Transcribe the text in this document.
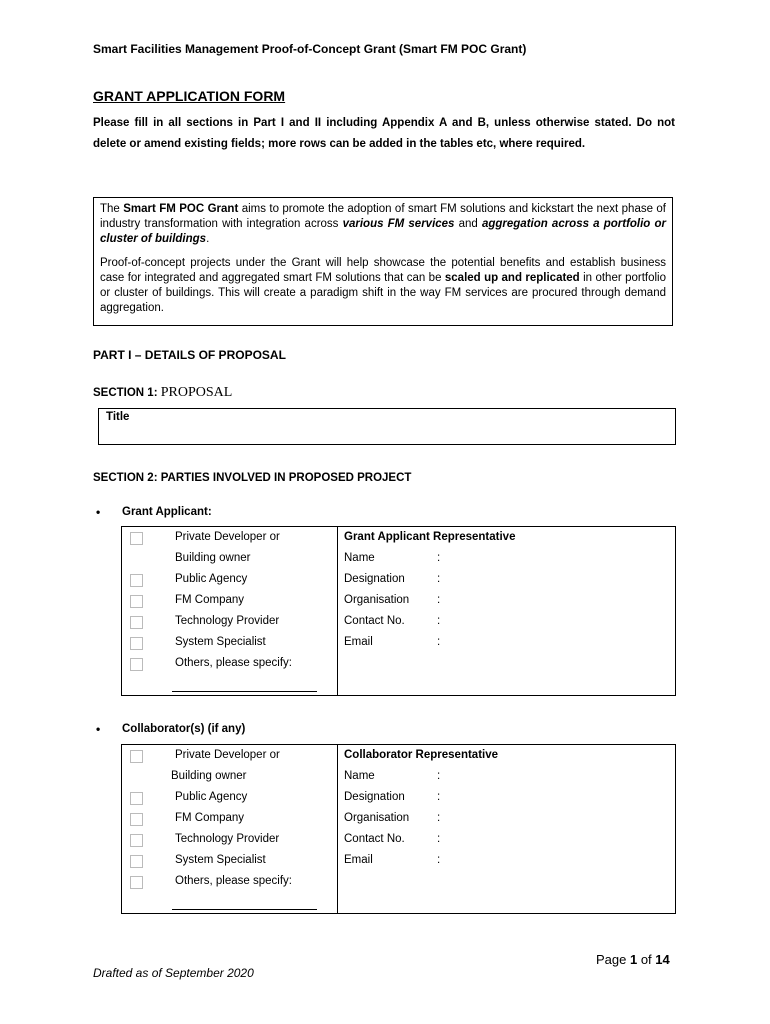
Smart Facilities Management Proof-of-Concept Grant (Smart FM POC Grant)
GRANT APPLICATION FORM
Please fill in all sections in Part I and II including Appendix A and B, unless otherwise stated. Do not delete or amend existing fields; more rows can be added in the tables etc, where required.

The Smart FM POC Grant aims to promote the adoption of smart FM solutions and kickstart the next phase of industry transformation with integration across various FM services and aggregation across a portfolio or cluster of buildings.

Proof-of-concept projects under the Grant will help showcase the potential benefits and establish business case for integrated and aggregated smart FM solutions that can be scaled up and replicated in other portfolio or cluster of buildings. This will create a paradigm shift in the way FM services are procured through demand aggregation.

PART I – DETAILS OF PROPOSAL
SECTION 1: PROPOSAL
Title
SECTION 2: PARTIES INVOLVED IN PROPOSED PROJECT
• Grant Applicant:
Private Developer or
Building owner
Public Agency
FM Company
Technology Provider
System Specialist
Others, please specify:
Grant Applicant Representative
Name	:
Designation	:
Organisation :
Contact No.	:
Email	:
• Collaborator(s) (if any)
Private Developer or
Building owner
Public Agency
FM Company
Technology Provider
System Specialist
Others, please specify:
Collaborator Representative
Name	:
Designation	:
Organisation :
Contact No.	:
Email	:
Drafted as of September 2020
Page 1 of 14
